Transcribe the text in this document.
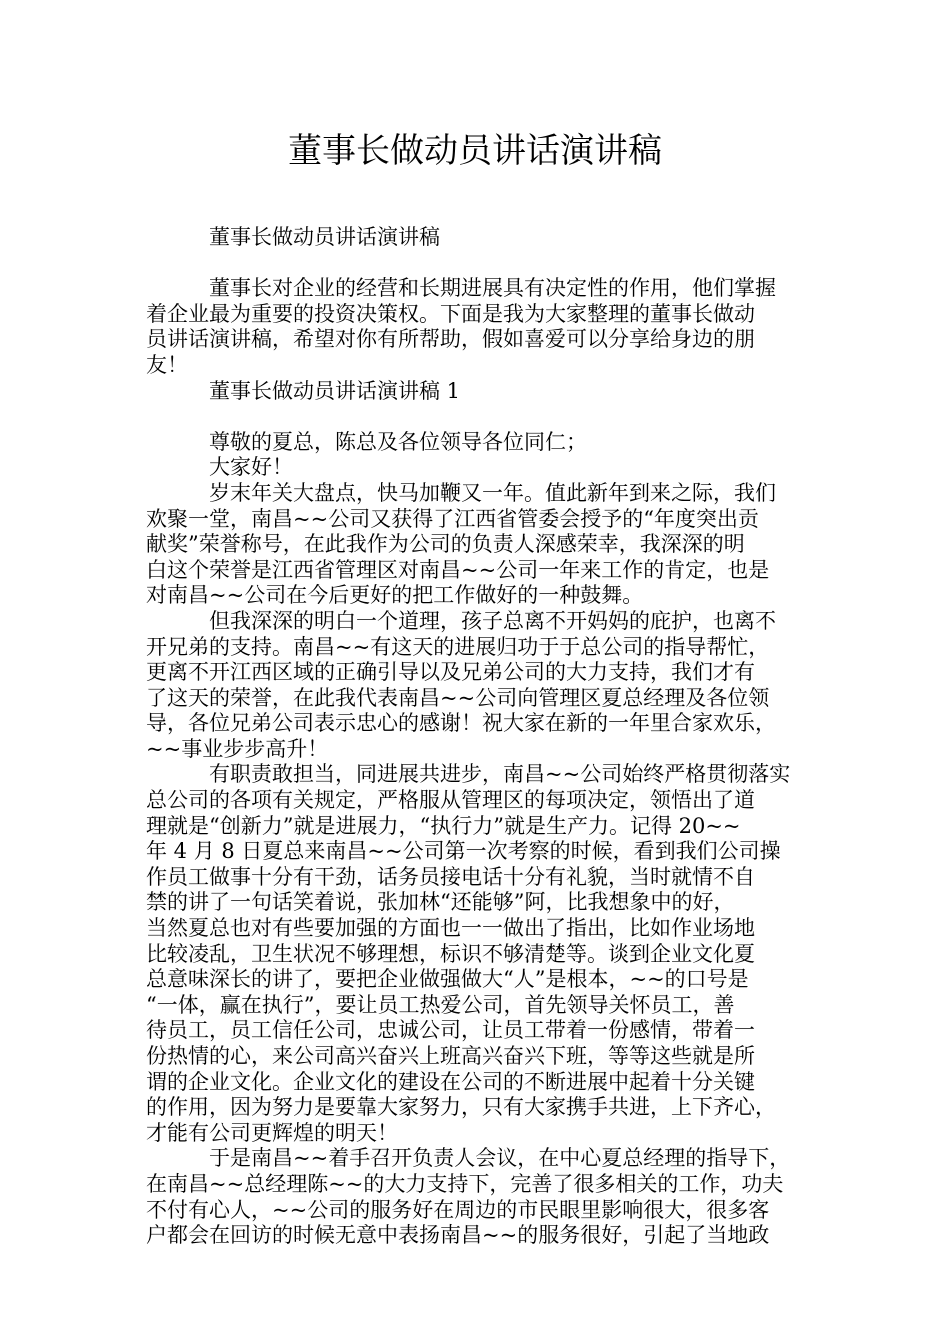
董事长做动员讲话演讲稿
　　　董事长做动员讲话演讲稿
　　　董事长对企业的经营和长期进展具有决定性的作用，他们掌握
着企业最为重要的投资决策权。下面是我为大家整理的董事长做动
员讲话演讲稿，希望对你有所帮助，假如喜爱可以分享给身边的朋
友！
　　　董事长做动员讲话演讲稿 1
　　　尊敬的夏总，陈总及各位领导各位同仁；
　　　大家好！
　　　岁末年关大盘点，快马加鞭又一年。值此新年到来之际，我们
欢聚一堂，南昌~~公司又获得了江西省管委会授予的“年度突出贡
献奖”荣誉称号，在此我作为公司的负责人深感荣幸，我深深的明
白这个荣誉是江西省管理区对南昌~~公司一年来工作的肯定，也是
对南昌~~公司在今后更好的把工作做好的一种鼓舞。
　　　但我深深的明白一个道理，孩子总离不开妈妈的庇护，也离不
开兄弟的支持。南昌~~有这天的进展归功于于总公司的指导帮忙，
更离不开江西区域的正确引导以及兄弟公司的大力支持，我们才有
了这天的荣誉，在此我代表南昌~~公司向管理区夏总经理及各位领
导，各位兄弟公司表示忠心的感谢！祝大家在新的一年里合家欢乐，
~~事业步步高升！
　　　有职责敢担当，同进展共进步，南昌~~公司始终严格贯彻落实
总公司的各项有关规定，严格服从管理区的每项决定，领悟出了道
理就是“创新力”就是进展力，“执行力”就是生产力。记得 20~~
年 4 月 8 日夏总来南昌~~公司第一次考察的时候，看到我们公司操
作员工做事十分有干劲，话务员接电话十分有礼貌，当时就情不自
禁的讲了一句话笑着说，张加林“还能够”阿，比我想象中的好，
当然夏总也对有些要加强的方面也一一做出了指出，比如作业场地
比较凌乱，卫生状况不够理想，标识不够清楚等。谈到企业文化夏
总意味深长的讲了，要把企业做强做大“人”是根本，~~的口号是
“一体，赢在执行”，要让员工热爱公司，首先领导关怀员工，善
待员工，员工信任公司，忠诚公司，让员工带着一份感情，带着一
份热情的心，来公司高兴奋兴上班高兴奋兴下班，等等这些就是所
谓的企业文化。企业文化的建设在公司的不断进展中起着十分关键
的作用，因为努力是要靠大家努力，只有大家携手共进，上下齐心，
才能有公司更辉煌的明天！
　　　于是南昌~~着手召开负责人会议，在中心夏总经理的指导下，
在南昌~~总经理陈~~的大力支持下，完善了很多相关的工作，功夫
不付有心人，~~公司的服务好在周边的市民眼里影响很大，很多客
户都会在回访的时候无意中表扬南昌~~的服务很好，引起了当地政
